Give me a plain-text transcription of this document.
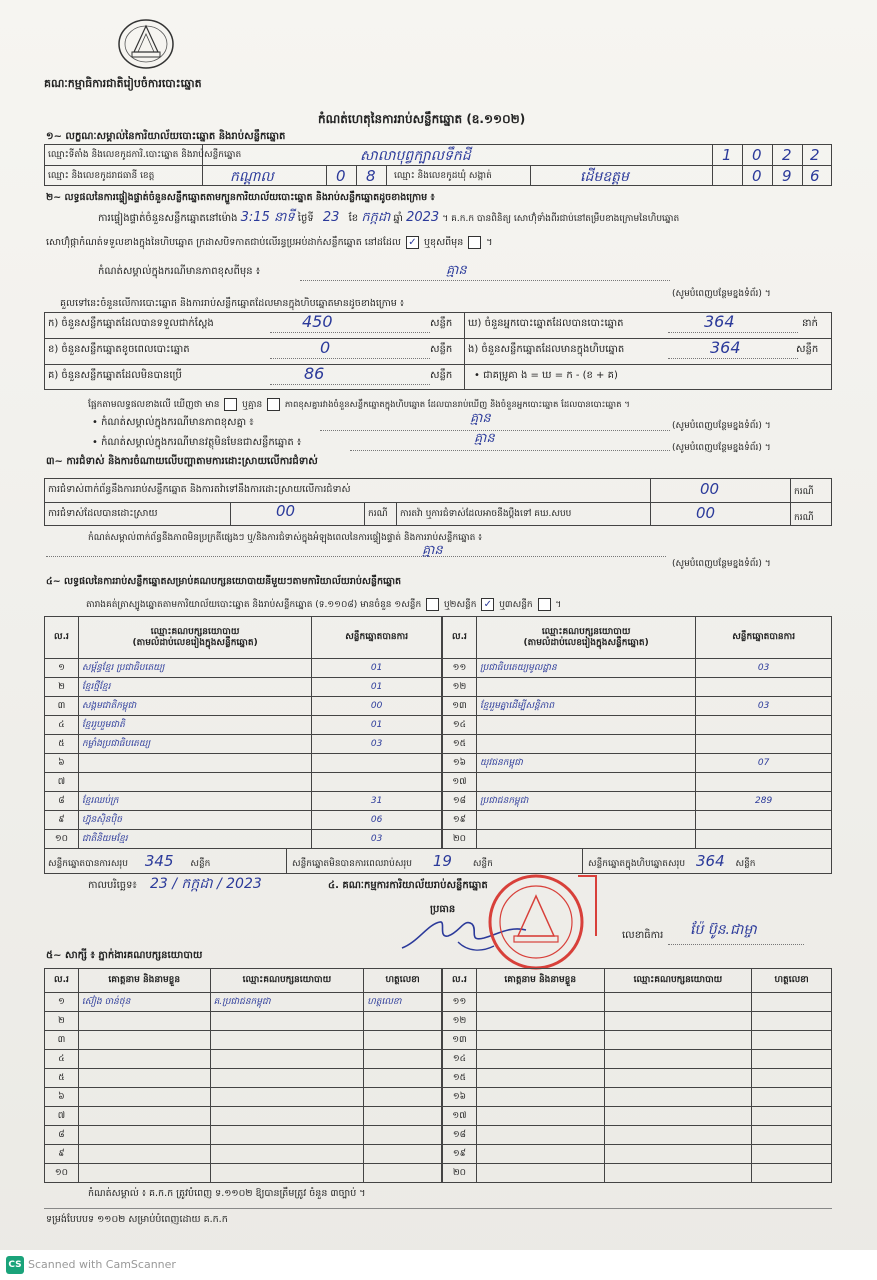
គណៈកម្មាធិការជាតិរៀបចំការបោះឆ្នោត
កំណត់ហេតុនៃការរាប់សន្លឹកឆ្នោត (ឧ.១១០២)
១~ លក្ខណៈសម្គាល់នៃការិយាល័យបោះឆ្នោត និងរាប់សន្លឹកឆ្នោត
ឈ្មោះទីតាំង និងលេខកូដការិ.បោះឆ្នោត និងរាប់សន្លឹកឆ្នោត	សាលាបុព្វក្បាលទឹកដី	1 0 2 2
ឈ្មោះ និងលេខកូដរាជធានី ខេត្ត	កណ្ដាល	0 8 ឈ្មោះ និងលេខកូដឃុំ សង្កាត់	ដើមឧត្ដម	0 9 6
២~ លទ្ធផលនៃការផ្ទៀងផ្ទាត់ចំនួនសន្លឹកឆ្នោតតាមក្បួនការិយាល័យបោះឆ្នោត និងរាប់សន្លឹកឆ្នោតដូចខាងក្រោម ៖
ការផ្ទៀងផ្ទាត់ចំនួនសន្លឹកឆ្នោតនៅម៉ោង 3:15 នាទី ថ្ងៃទី 23 ខែ កក្កដា ឆ្នាំ 2023 ។ គ.ក.ក បានពិនិត្យ សោហ៊ុំទាំងពីរជាប់នៅតម្រឹបខាងក្រោមនៃហិបឆ្នោត
សោហ៊ុំផ្កាកំណត់ទទួលខាងក្នុងនៃហិបឆ្នោត ក្រដាសបិទកាតជាប់លើរន្ធប្រអប់ដាក់សន្លឹកឆ្នោត នៅដដែល ✓ ឬខុសពីមុន  ។
កំណត់សម្គាល់ក្នុងករណីមានភាពខុសពីមុន ៖	គ្មាន
(សូមបំពេញបន្ថែមខ្នងទំព័រ) ។
គួលទៅនេះចំនួនលើការបោះឆ្នោត និងការរាប់សន្លឹកឆ្នោតដែលមានក្នុងហិបឆ្នោតមានដូចខាងក្រោម ៖
ក) ចំនួនសន្លឹកឆ្នោតដែលបានទទួលជាក់ស្ដែង	450	សន្លឹក
ខ) ចំនួនសន្លឹកឆ្នោតខូចពេលបោះឆ្នោត	0	សន្លឹក
គ) ចំនួនសន្លឹកឆ្នោតដែលមិនបានប្រើ	86	សន្លឹក
ឃ) ចំនួនអ្នកបោះឆ្នោតដែលបានបោះឆ្នោត	364	នាក់
ង) ចំនួនសន្លឹកឆ្នោតដែលមានក្នុងហិបឆ្នោត	364	សន្លឹក
• ជាគម្រូគា ង = ឃ = ក - (ខ + គ)
ផ្អែកតាមលទ្ធផលខាងលើ ឃើញថា មាន	ឬគ្មាន	ភាពខុសគ្នារវាងចំនួនសន្លឹកឆ្នោតក្នុងហិបឆ្នោត ដែលបានរាប់ឃើញ និងចំនួនអ្នកបោះឆ្នោត ដែលបានបោះឆ្នោត ។
• កំណត់សម្គាល់ក្នុងករណីមានភាពខុសគ្នា ៖	គ្មាន	(សូមបំពេញបន្ថែមខ្នងទំព័រ) ។
• កំណត់សម្គាល់ក្នុងករណីមានវត្ថុមិនមែនជាសន្លឹកឆ្នោត ៖	គ្មាន
(សូមបំពេញបន្ថែមខ្នងទំព័រ) ។
៣~ ការជំទាស់ និងការចំណាយលើបញ្ហាតាមការដោះស្រាយលើការជំទាស់
ការជំទាស់ពាក់ព័ន្ធនឹងការរាប់សន្លឹកឆ្នោត និងការតវ៉ាទៅនឹងការដោះស្រាយលើការជំទាស់	00	ករណី
ការជំទាស់ដែលបានដោះស្រាយ	00	ករណី ការតវ៉ា ឬការជំទាស់ដែលអាចនឹងប្ដឹងទៅ គឃ.សបប	00	ករណី
កំណត់សម្គាល់ពាក់ព័ន្ធនឹងភាពមិនប្រក្រតីផ្សេងៗ ឬ/និងការជំទាស់ក្នុងអំឡុងពេលនៃការផ្ទៀងផ្ទាត់ និងការរាប់សន្លឹកឆ្នោត ៖
គ្មាន
(សូមបំពេញបន្ថែមខ្នងទំព័រ) ។
៤~ លទ្ធផលនៃការរាប់សន្លឹកឆ្នោតសម្រាប់គណបក្សនយោបាយនីមួយៗតាមការិយាល័យរាប់សន្លឹកឆ្នោត
តារាងគត់ត្រាស្បូងឆ្នោតតាមការិយាល័យបោះឆ្នោត និងរាប់សន្លឹកឆ្នោត (ទ.១១០៨) មានចំនួន ១សន្លឹក	ឬ២សន្លឹក ✓ ឬ៣សន្លឹក	។
ល.រ	ឈ្មោះគណបក្សនយោបាយ
(តាមលំដាប់លេខរៀងក្នុងសន្លឹកឆ្នោត)	សន្លឹកឆ្នោតបានការ
១	សម្ព័ន្ធខ្មែរ ប្រជាធិបតេយ្យ	01
២	ខ្មែរថ្មីខ្មែរ	01
៣	សង្គមជាតិកម្ពុជា	00
៤	ខ្មែររួបរួមជាតិ	01
៥	កម្លាំងប្រជាធិបតេយ្យ	03
៦		
៧		
៨	ខ្មែរឈប់ក្រ	31
៩	ហ្វ៊ុនស៊ិនប៉ិច	06
១០	ជាតិនិយមខ្មែរ	03
ល.រ	ឈ្មោះគណបក្សនយោបាយ
(តាមលំដាប់លេខរៀងក្នុងសន្លឹកឆ្នោត)	សន្លឹកឆ្នោតបានការ
១១	ប្រជាធិបតេយ្យមូលដ្ឋាន	03
១២		
១៣	ខ្មែររួមគ្នាដើម្បីសន្តិភាព	03
១៤		
១៥		
១៦	យុវជនកម្ពុជា	07
១៧		
១៨	ប្រជាជនកម្ពុជា	289
១៩		
២០		
សន្លឹកឆ្នោតបានការសរុប 345 សន្លឹក	សន្លឹកឆ្នោតមិនបានការពេលរាប់សរុប 19 សន្លឹក	សន្លឹកឆ្នោតក្នុងហិបឆ្នោតសរុប 364 សន្លឹក
កាលបរិច្ឆេទ៖ 23 / កក្កដា / 2023	៤. គណៈកម្មការការិយាល័យរាប់សន្លឹកឆ្នោត
ប្រធាន
លេខាធិការ ប៉ែ ប៊ូន.ជាម្ចា
៥~ សាក្សី ៖ ភ្នាក់ងារគណបក្សនយោបាយ
ល.រ	គោត្តនាម និងនាមខ្លួន	ឈ្មោះគណបក្សនយោបាយ	ហត្ថលេខា
១	ស៊ៀង ចាន់ថុន	គ.ប្រជាជនកម្ពុជា	ហត្ថលេខា
២			
៣			
៤			
៥			
៦			
៧			
៨			
៩			
១០			
ល.រ	គោត្តនាម និងនាមខ្លួន	ឈ្មោះគណបក្សនយោបាយ	ហត្ថលេខា
១១			
១២			
១៣			
១៤			
១៥			
១៦			
១៧			
១៨			
១៩			
២០			
កំណត់សម្គាល់ ៖ គ.ក.ក ត្រូវបំពេញ ទ.១១០២ ឱ្យបានត្រឹមត្រូវ ចំនួន ៣ច្បាប់ ។
ទម្រង់បែបបទ ១១០២ សម្រាប់បំពេញដោយ គ.ក.ក
CS Scanned with CamScanner
